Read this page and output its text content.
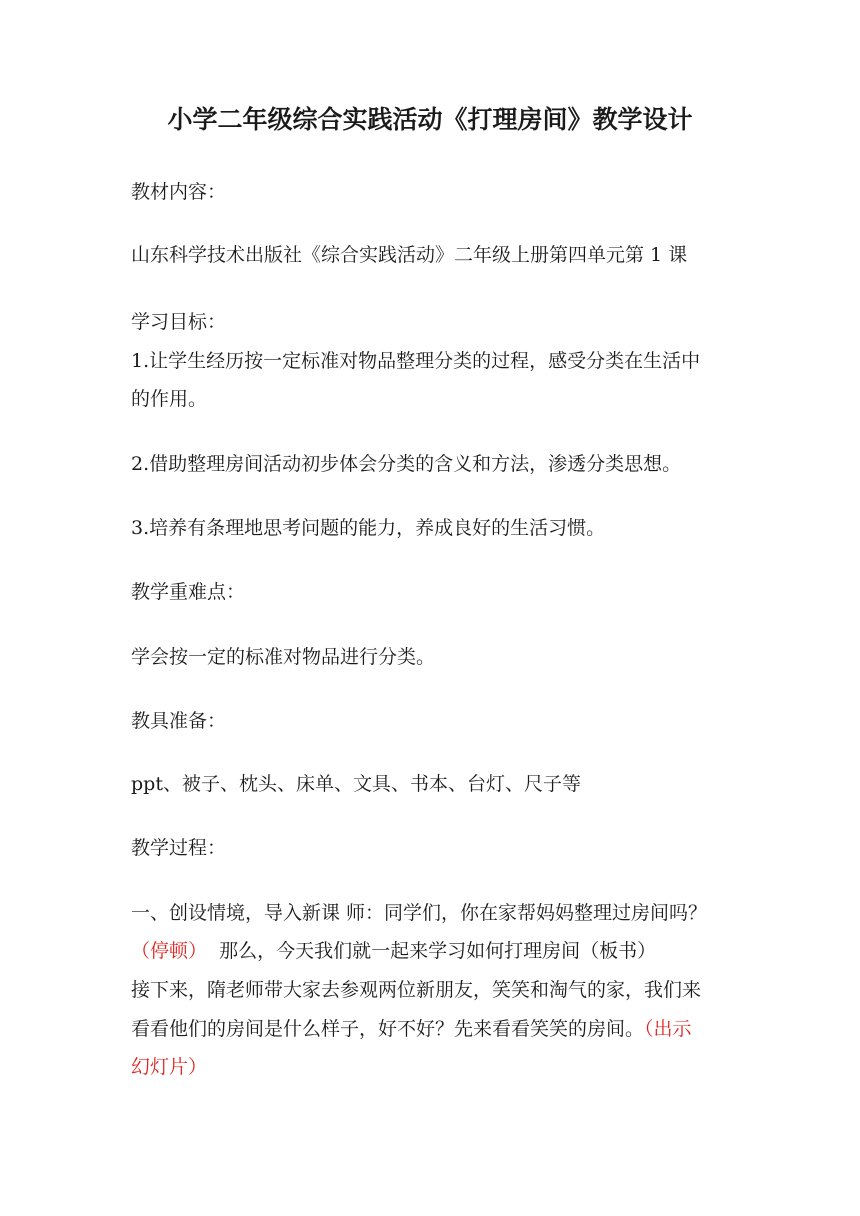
小学二年级综合实践活动《打理房间》教学设计
教材内容：
山东科学技术出版社《综合实践活动》二年级上册第四单元第 1 课
学习目标：
1.让学生经历按一定标准对物品整理分类的过程，感受分类在生活中
的作用。
2.借助整理房间活动初步体会分类的含义和方法，渗透分类思想。
3.培养有条理地思考问题的能力，养成良好的生活习惯。
教学重难点：
学会按一定的标准对物品进行分类。
教具准备：
ppt、被子、枕头、床单、文具、书本、台灯、尺子等
教学过程：
一、创设情境，导入新课 师：同学们，你在家帮妈妈整理过房间吗？
（停顿）  那么，今天我们就一起来学习如何打理房间（板书）
接下来，隋老师带大家去参观两位新朋友，笑笑和淘气的家，我们来
看看他们的房间是什么样子，好不好？先来看看笑笑的房间。（出示
幻灯片）
